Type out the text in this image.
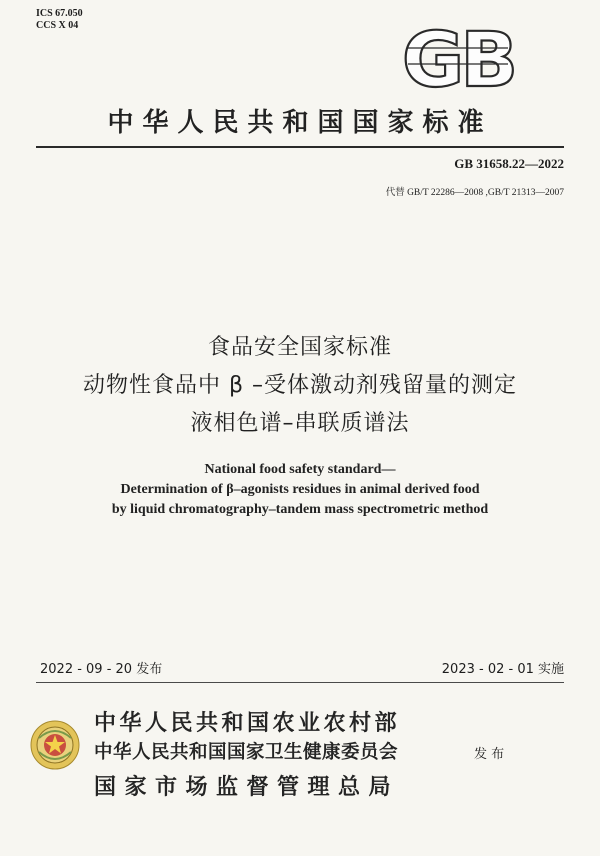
ICS 67.050
CCS X 04	GB
中华人民共和国国家标准
GB 31658.22—2022
代替 GB/T 22286—2008 ,GB/T 21313—2007
食品安全国家标准
动物性食品中 β –受体激动剂残留量的测定
液相色谱–串联质谱法
National food safety standard—
Determination of β–agonists residues in animal derived food
by liquid chromatography–tandem mass spectrometric method
2022 - 09 - 20 发布	2023 - 02 - 01 实施
中华人民共和国农业农村部
中华人民共和国国家卫生健康委员会	发 布
国家市场监督管理总局
